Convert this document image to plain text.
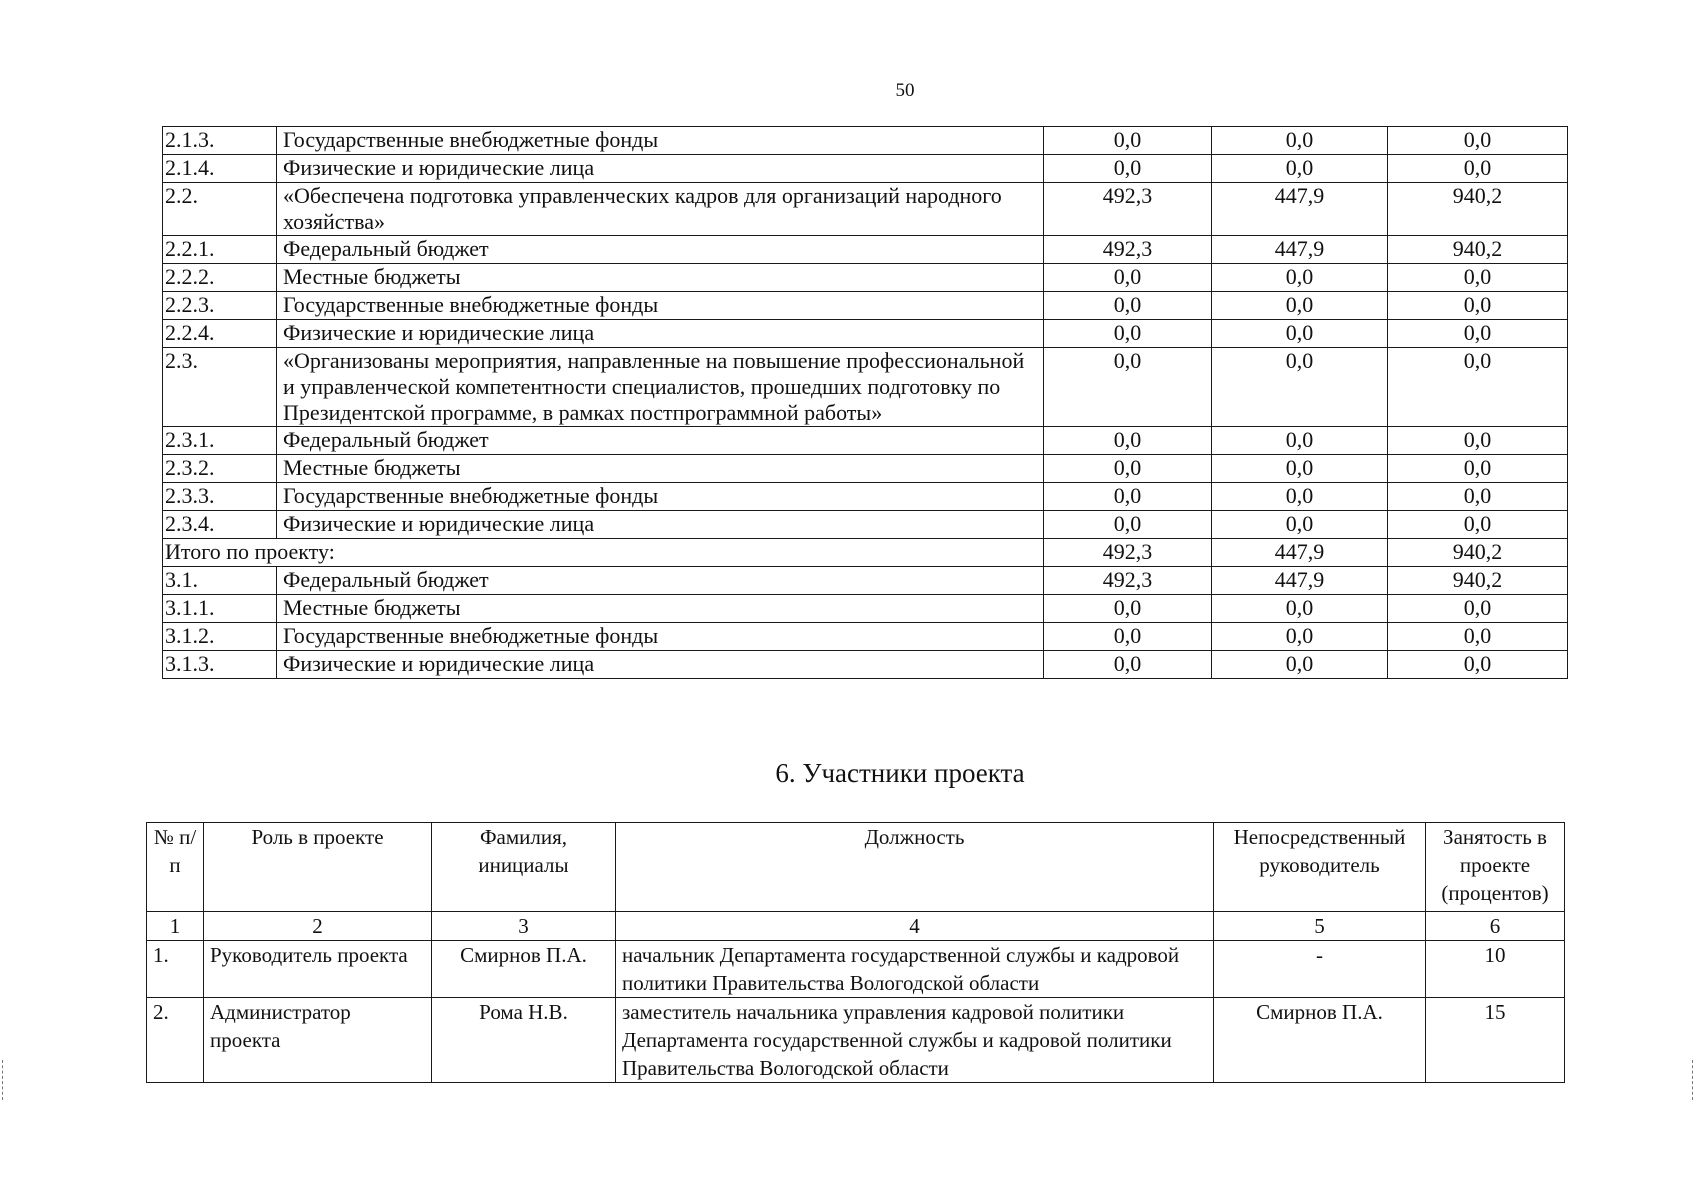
50
2.1.3.	Государственные внебюджетные фонды	0,0	0,0	0,0
2.1.4.	Физические и юридические лица	0,0	0,0	0,0
2.2.	«Обеспечена подготовка управленческих кадров для организаций народного хозяйства»	492,3	447,9	940,2
2.2.1.	Федеральный бюджет	492,3	447,9	940,2
2.2.2.	Местные бюджеты	0,0	0,0	0,0
2.2.3.	Государственные внебюджетные фонды	0,0	0,0	0,0
2.2.4.	Физические и юридические лица	0,0	0,0	0,0
2.3.	«Организованы мероприятия, направленные на повышение профессиональной и управленческой компетентности специалистов, прошедших подготовку по Президентской программе, в рамках постпрограммной работы»	0,0	0,0	0,0
2.3.1.	Федеральный бюджет	0,0	0,0	0,0
2.3.2.	Местные бюджеты	0,0	0,0	0,0
2.3.3.	Государственные внебюджетные фонды	0,0	0,0	0,0
2.3.4.	Физические и юридические лица	0,0	0,0	0,0
Итого по проекту:		492,3	447,9	940,2
3.1.	Федеральный бюджет	492,3	447,9	940,2
3.1.1.	Местные бюджеты	0,0	0,0	0,0
3.1.2.	Государственные внебюджетные фонды	0,0	0,0	0,0
3.1.3.	Физические и юридические лица	0,0	0,0	0,0
6. Участники проекта
№ п/п	Роль в проекте	Фамилия, инициалы	Должность	Непосредственный руководитель	Занятость в проекте (процентов)
1	2	3	4	5	6
1.	Руководитель проекта	Смирнов П.А.	начальник Департамента государственной службы и кадровой политики Правительства Вологодской области	-	10
2.	Администратор проекта	Рома Н.В.	заместитель начальника управления кадровой политики Департамента государственной службы и кадровой политики Правительства Вологодской области	Смирнов П.А.	15
